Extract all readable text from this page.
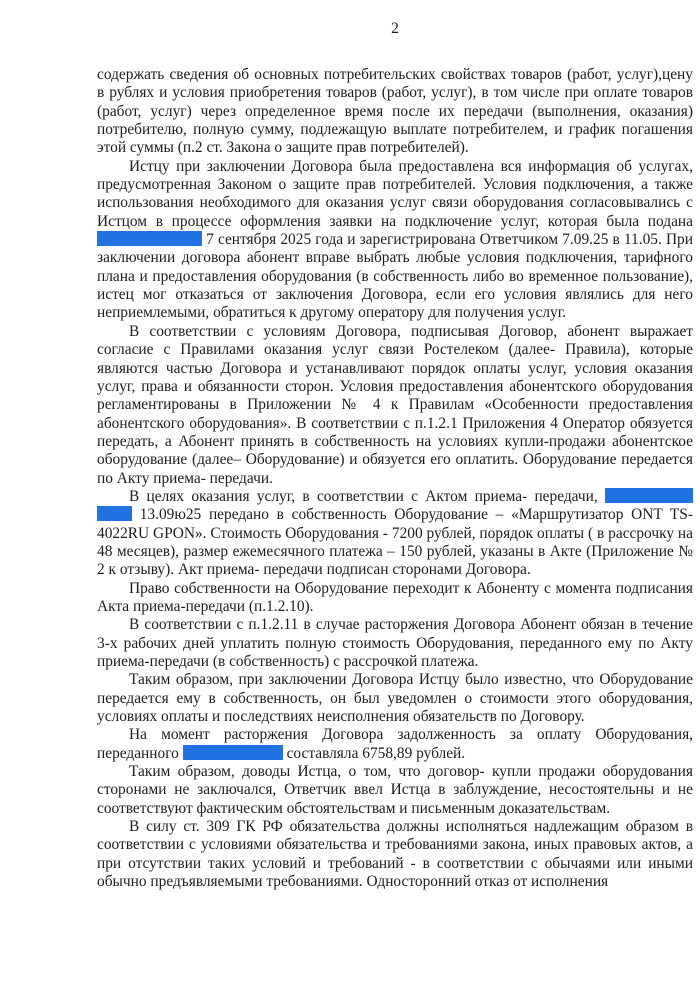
2

содержать сведения об основных потребительских свойствах товаров (работ, услуг),цену в рублях и условия приобретения товаров (работ, услуг), в том числе при оплате товаров (работ, услуг) через определенное время после их передачи (выполнения, оказания) потребителю, полную сумму, подлежащую выплате потребителем, и график погашения этой суммы (п.2 ст. Закона о защите прав потребителей).

Истцу при заключении Договора была предоставлена вся информация об услугах, предусмотренная Законом о защите прав потребителей. Условия подключения, а также использования необходимого для оказания услуг связи оборудования согласовывались с Истцом в процессе оформления заявки на подключение услуг, которая была подана  7 сентября 2025 года и зарегистрирована Ответчиком 7.09.25 в 11.05. При заключении договора абонент вправе выбрать любые условия подключения, тарифного плана и предоставления оборудования (в собственность либо во временное пользование), истец мог отказаться от заключения Договора, если его условия являлись для него неприемлемыми, обратиться к другому оператору для получения услуг.

В соответствии с условиям Договора, подписывая Договор, абонент выражает согласие с Правилами оказания услуг связи Ростелеком (далее- Правила), которые являются частью Договора и устанавливают порядок оплаты услуг, условия оказания услуг, права и обязанности сторон. Условия предоставления абонентского оборудования регламентированы в Приложении № 4 к Правилам «Особенности предоставления абонентского оборудования». В соответствии с п.1.2.1 Приложения 4 Оператор обязуется передать, а Абонент принять в собственность на условиях купли-продажи абонентское оборудование (далее– Оборудование) и обязуется его оплатить. Оборудование передается по Акту приема- передачи.

В целях оказания услуг, в соответствии с Актом приема- передачи,   13.09ю25 передано в собственность Оборудование – «Маршрутизатор ONT TS-4022RU GPON». Стоимость Оборудования - 7200 рублей, порядок оплаты ( в рассрочку на 48 месяцев), размер ежемесячного платежа – 150 рублей, указаны в Акте (Приложение № 2 к отзыву). Акт приема- передачи подписан сторонами Договора.

Право собственности на Оборудование переходит к Абоненту с момента подписания Акта приема-передачи (п.1.2.10).

В соответствии с п.1.2.11 в случае расторжения Договора Абонент обязан в течение 3-х рабочих дней уплатить полную стоимость Оборудования, переданного ему по Акту приема-передачи (в собственность) с рассрочкой платежа.

Таким образом, при заключении Договора Истцу было известно, что Оборудование передается ему в собственность, он был уведомлен о стоимости этого оборудования, условиях оплаты и последствиях неисполнения обязательств по Договору.

На момент расторжения Договора задолженность за оплату Оборудования, переданного	составляла 6758,89 рублей.

Таким образом, доводы Истца, о том, что договор- купли продажи оборудования сторонами не заключался, Ответчик ввел Истца в заблуждение, несостоятельны и не соответствуют фактическим обстоятельствам и письменным доказательствам.

В силу ст. 309 ГК РФ обязательства должны исполняться надлежащим образом в соответствии с условиями обязательства и требованиями закона, иных правовых актов, а при отсутствии таких условий и требований - в соответствии с обычаями или иными обычно предъявляемыми требованиями. Односторонний отказ от исполнения
